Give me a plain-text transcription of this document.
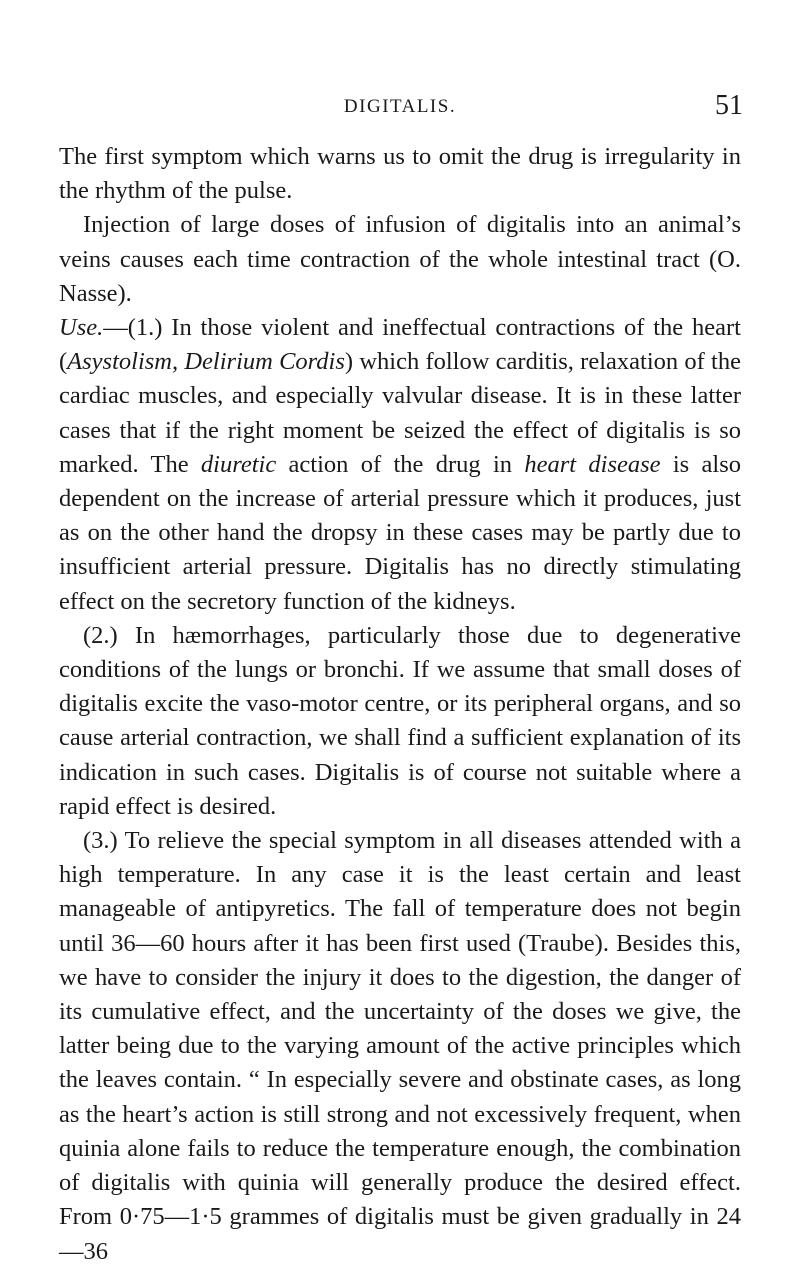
DIGITALIS.	51

The first symptom which warns us to omit the drug is irregularity in the rhythm of the pulse.

Injection of large doses of infusion of digitalis into an animal’s veins causes each time contraction of the whole intestinal tract (O. Nasse).

Use.—(1.) In those violent and ineffectual contractions of the heart (Asystolism, Delirium Cordis) which follow carditis, relaxation of the cardiac muscles, and especially valvular disease. It is in these latter cases that if the right moment be seized the effect of digitalis is so marked. The diuretic action of the drug in heart disease is also dependent on the increase of arterial pressure which it produces, just as on the other hand the dropsy in these cases may be partly due to insufficient arterial pressure. Digitalis has no directly stimulating effect on the secretory function of the kidneys.

(2.) In hæmorrhages, particularly those due to degenerative conditions of the lungs or bronchi. If we assume that small doses of digitalis excite the vaso-motor centre, or its peripheral organs, and so cause arterial contraction, we shall find a sufficient explanation of its indication in such cases. Digitalis is of course not suitable where a rapid effect is desired.

(3.) To relieve the special symptom in all diseases attended with a high temperature. In any case it is the least certain and least manageable of antipyretics. The fall of temperature does not begin until 36—60 hours after it has been first used (Traube). Besides this, we have to consider the injury it does to the digestion, the danger of its cumulative effect, and the uncertainty of the doses we give, the latter being due to the varying amount of the active principles which the leaves contain. “ In especially severe and obstinate cases, as long as the heart’s action is still strong and not excessively frequent, when quinia alone fails to reduce the temperature enough, the combination of digitalis with quinia will generally produce the desired effect. From 0·75—1·5 grammes of digitalis must be given gradually in 24—36
